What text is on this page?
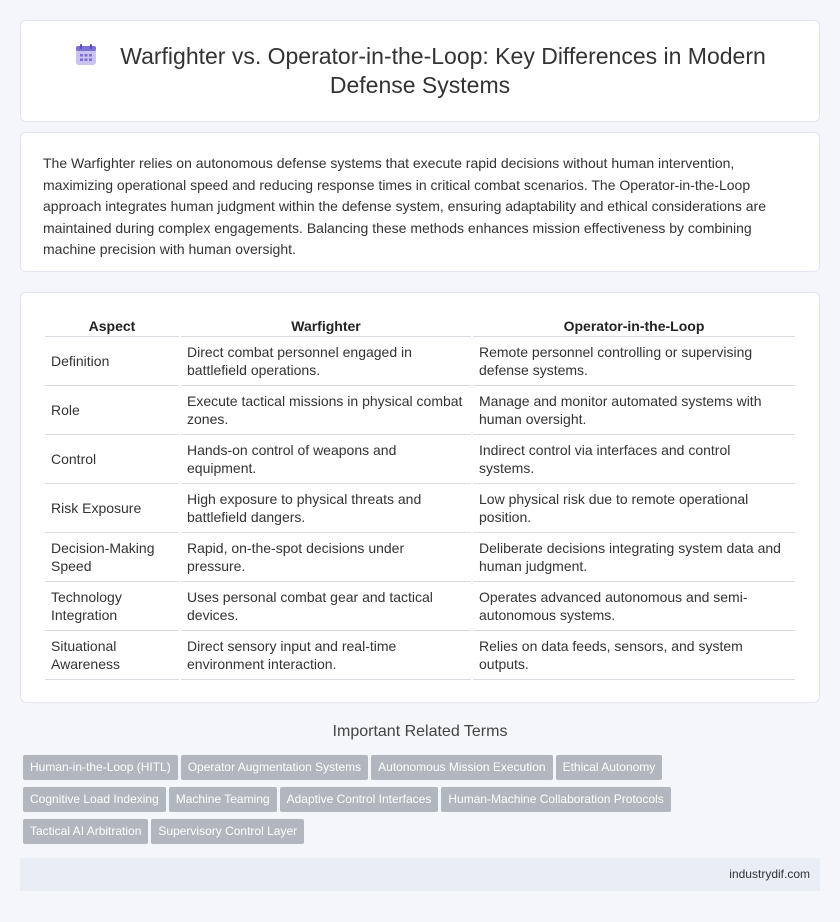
Warfighter vs. Operator-in-the-Loop: Key Differences in Modern Defense Systems

The Warfighter relies on autonomous defense systems that execute rapid decisions without human intervention, maximizing operational speed and reducing response times in critical combat scenarios. The Operator-in-the-Loop approach integrates human judgment within the defense system, ensuring adaptability and ethical considerations are maintained during complex engagements. Balancing these methods enhances mission effectiveness by combining machine precision with human oversight.

Aspect	Warfighter	Operator-in-the-Loop
Definition	Direct combat personnel engaged in battlefield operations.	Remote personnel controlling or supervising defense systems.
Role	Execute tactical missions in physical combat zones.	Manage and monitor automated systems with human oversight.
Control	Hands-on control of weapons and equipment.	Indirect control via interfaces and control systems.
Risk Exposure	High exposure to physical threats and battlefield dangers.	Low physical risk due to remote operational position.
Decision-Making Speed	Rapid, on-the-spot decisions under pressure.	Deliberate decisions integrating system data and human judgment.
Technology Integration	Uses personal combat gear and tactical devices.	Operates advanced autonomous and semi-autonomous systems.
Situational Awareness	Direct sensory input and real-time environment interaction.	Relies on data feeds, sensors, and system outputs.
Important Related Terms
Human-in-the-Loop (HITL) Operator Augmentation Systems Autonomous Mission Execution Ethical Autonomy
Cognitive Load Indexing Machine Teaming Adaptive Control Interfaces Human-Machine Collaboration Protocols
Tactical AI Arbitration Supervisory Control Layer
industrydif.com
